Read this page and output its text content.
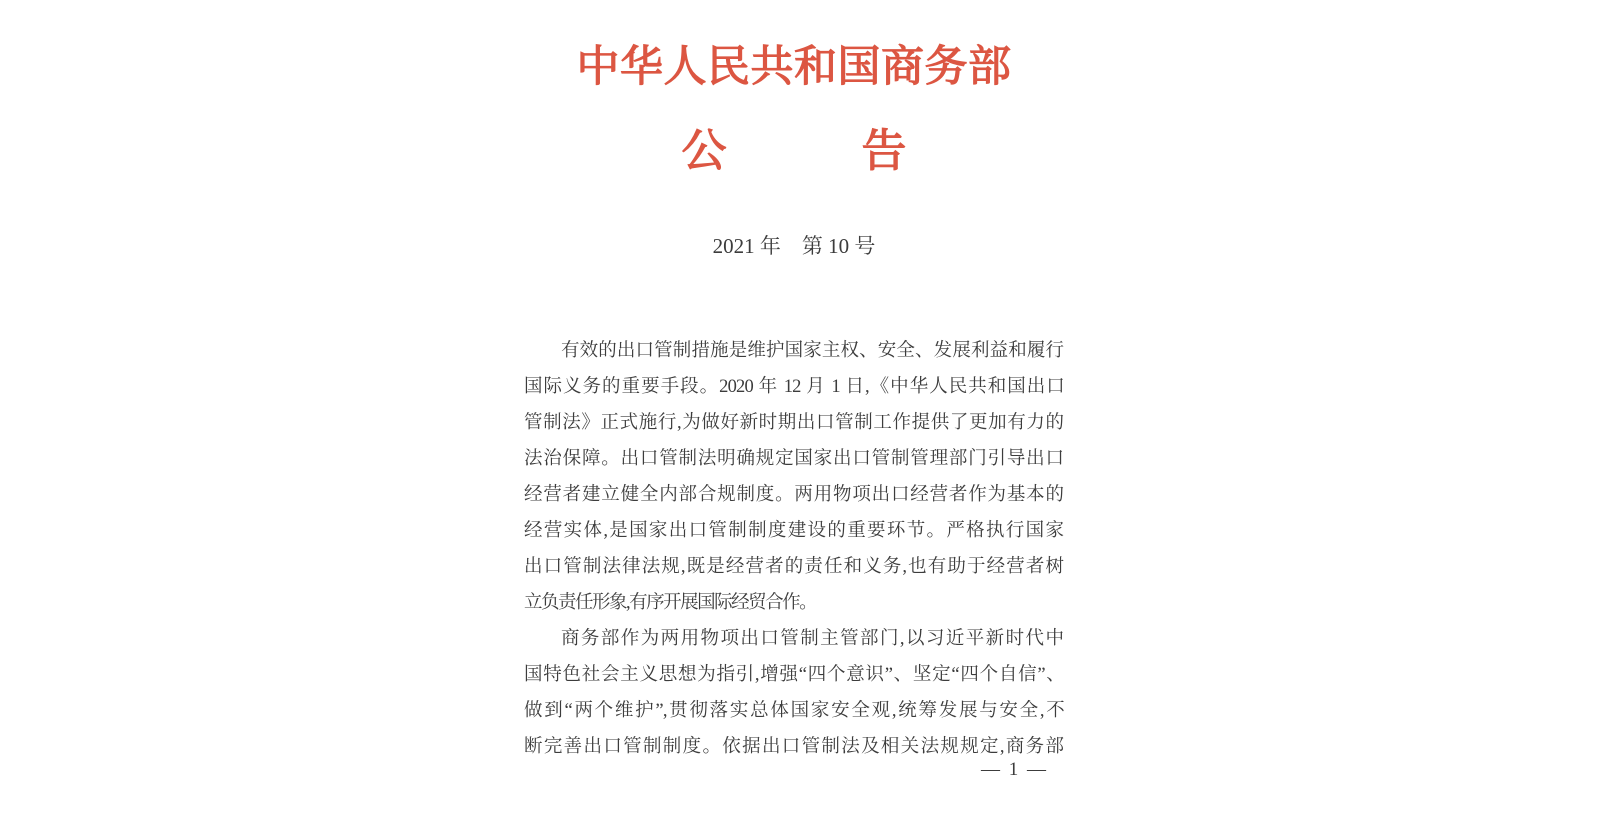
中华人民共和国商务部
公　　　告
2021 年　第 10 号

有效的出口管制措施是维护国家主权、安全、发展利益和履行

国际义务的重要手段。2020 年 12 月 1 日,《中华人民共和国出口

管制法》正式施行,为做好新时期出口管制工作提供了更加有力的

法治保障。出口管制法明确规定国家出口管制管理部门引导出口

经营者建立健全内部合规制度。两用物项出口经营者作为基本的

经营实体,是国家出口管制制度建设的重要环节。严格执行国家

出口管制法律法规,既是经营者的责任和义务,也有助于经营者树

立负责任形象,有序开展国际经贸合作。

商务部作为两用物项出口管制主管部门,以习近平新时代中

国特色社会主义思想为指引,增强“四个意识”、坚定“四个自信”、

做到“两个维护”,贯彻落实总体国家安全观,统筹发展与安全,不

断完善出口管制制度。依据出口管制法及相关法规规定,商务部

— 1 —
